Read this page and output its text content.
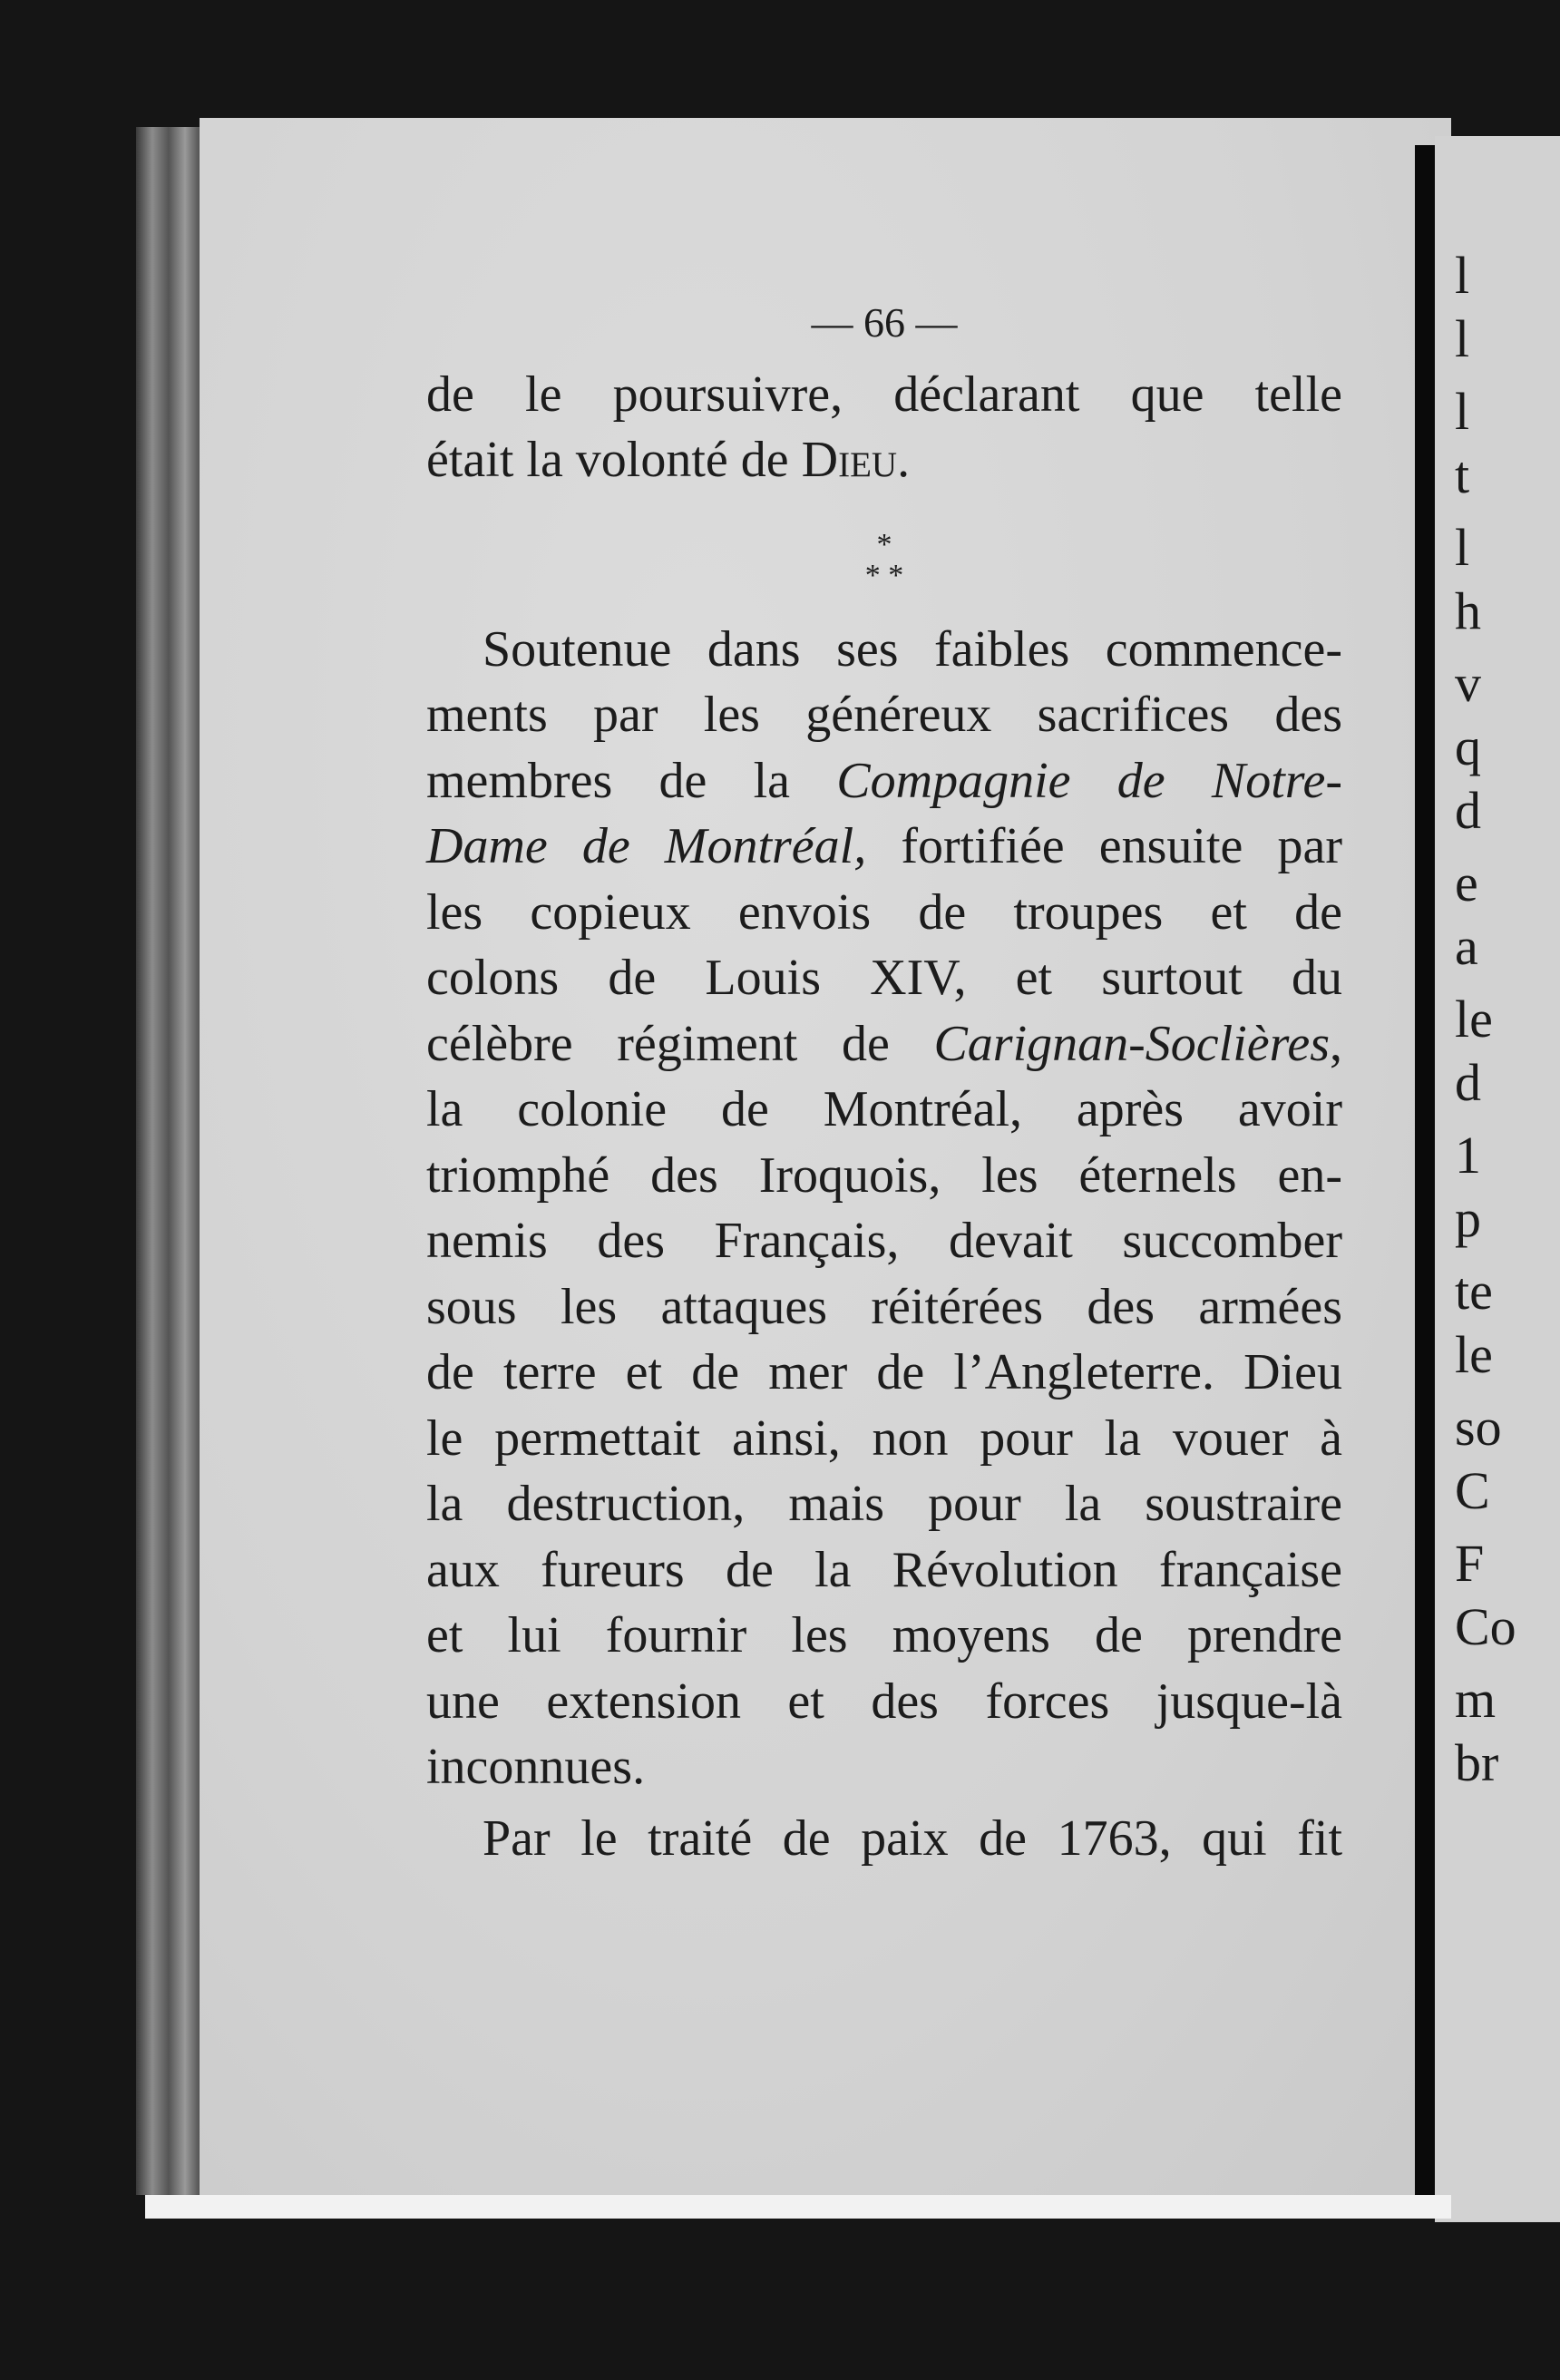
l
l
l
t
l
h
v
q
d
e
a
le
d
1
p
te
le
so
C
F
Co
m
br
— 66 —
de le poursuivre, déclarant que telle
était la volonté de Dieu.
*
* *
Soutenue dans ses faibles commence-
ments par les généreux sacrifices des
membres de la Compagnie de Notre-
Dame de Montréal, fortifiée ensuite par
les copieux envois de troupes et de
colons de Louis XIV, et surtout du
célèbre régiment de Carignan-Soclières,
la colonie de Montréal, après avoir
triomphé des Iroquois, les éternels en-
nemis des Français, devait succomber
sous les attaques réitérées des armées
de terre et de mer de l’Angleterre. Dieu
le permettait ainsi, non pour la vouer à
la destruction, mais pour la soustraire
aux fureurs de la Révolution française
et lui fournir les moyens de prendre
une extension et des forces jusque-là
inconnues.
Par le traité de paix de 1763, qui fit
